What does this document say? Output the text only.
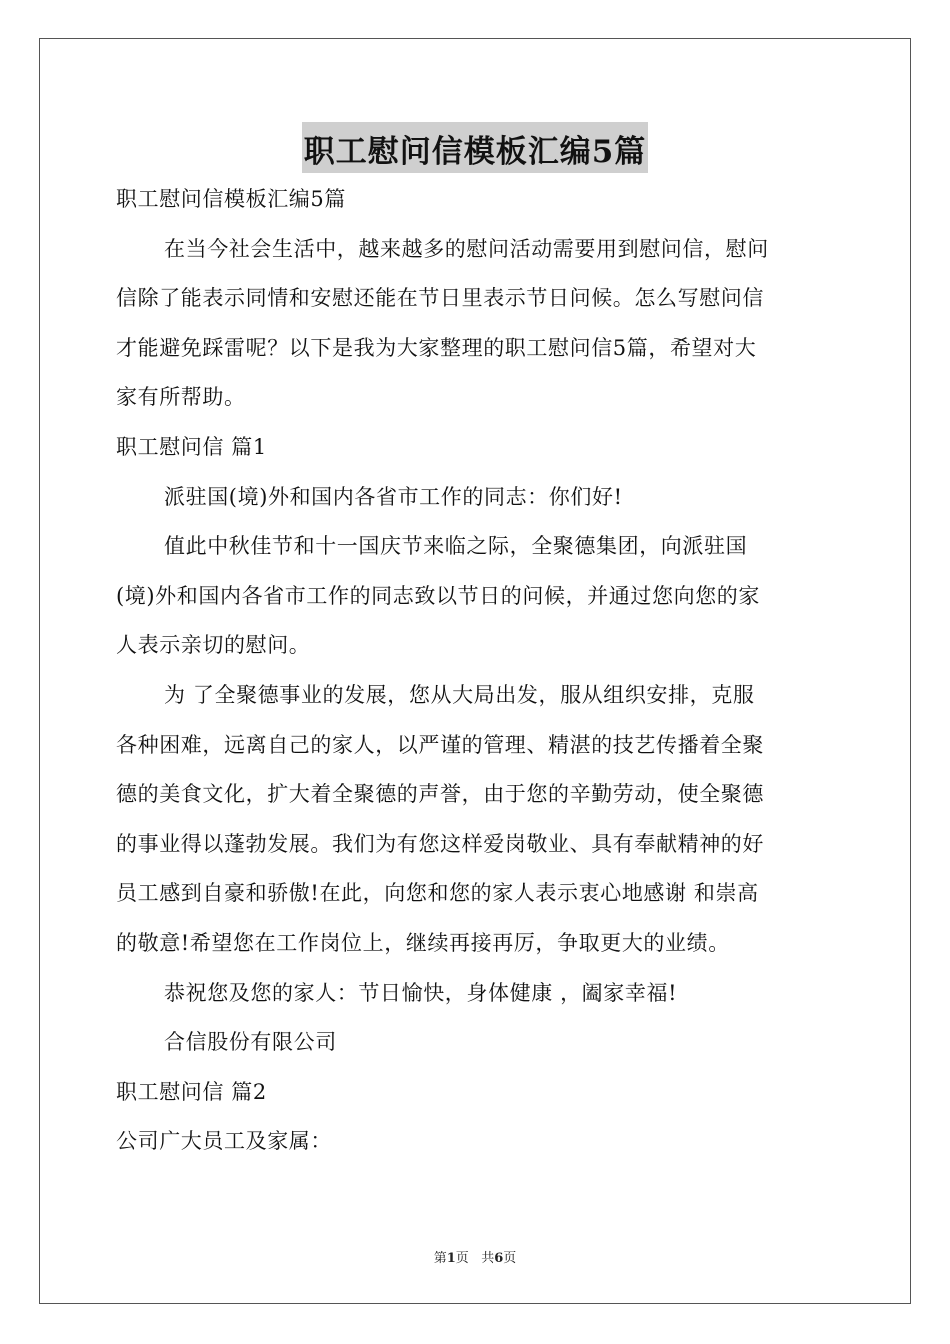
职工慰问信模板汇编5篇
职工慰问信模板汇编5篇
在当今社会生活中，越来越多的慰问活动需要用到慰问信，慰问
信除了能表示同情和安慰还能在节日里表示节日问候。怎么写慰问信
才能避免踩雷呢？以下是我为大家整理的职工慰问信5篇，希望对大
家有所帮助。
职工慰问信 篇1
派驻国(境)外和国内各省市工作的同志：你们好!
值此中秋佳节和十一国庆节来临之际，全聚德集团，向派驻国
(境)外和国内各省市工作的同志致以节日的问候，并通过您向您的家
人表示亲切的慰问。
为 了全聚德事业的发展，您从大局出发，服从组织安排，克服
各种困难，远离自己的家人，以严谨的管理、精湛的技艺传播着全聚
德的美食文化，扩大着全聚德的声誉，由于您的辛勤劳动，使全聚德
的事业得以蓬勃发展。我们为有您这样爱岗敬业、具有奉献精神的好
员工感到自豪和骄傲!在此，向您和您的家人表示衷心地感谢 和崇高
的敬意!希望您在工作岗位上，继续再接再厉，争取更大的业绩。
恭祝您及您的家人：节日愉快，身体健康 ，阖家幸福!
合信股份有限公司
职工慰问信 篇2
公司广大员工及家属：
第1页 共6页
